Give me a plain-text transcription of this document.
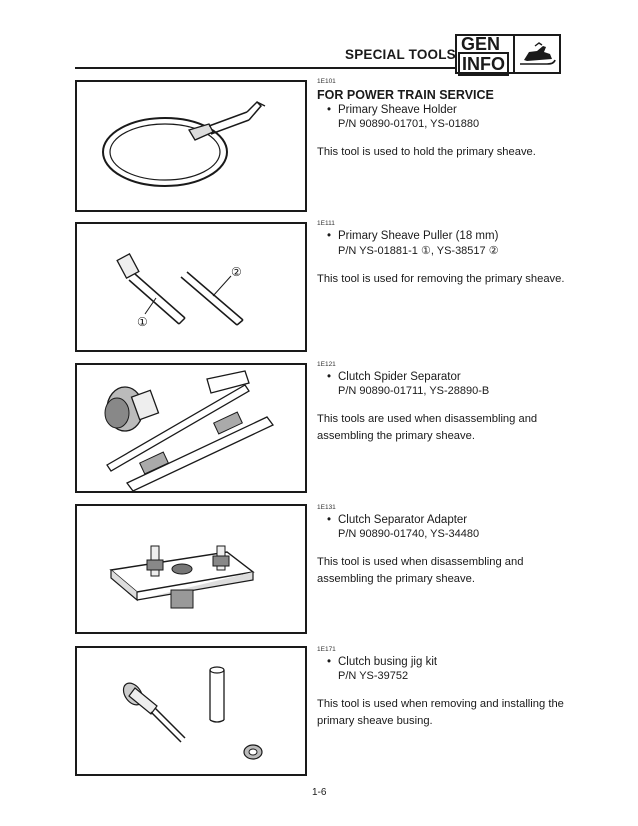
SPECIAL TOOLS
GEN
INFO
①
②
1E101
FOR POWER TRAIN SERVICE
• Primary Sheave Holder
P/N 90890-01701, YS-01880
This tool is used to hold the primary sheave.
1E111
• Primary Sheave Puller (18 mm)
P/N YS-01881-1 ①, YS-38517 ②
This tool is used for removing the primary sheave.
1E121
• Clutch Spider Separator
P/N 90890-01711, YS-28890-B
This tools are used when disassembling and assembling the primary sheave.
1E131
• Clutch Separator Adapter
P/N 90890-01740, YS-34480
This tool is used when disassembling and assembling the primary sheave.
1E171
• Clutch busing jig kit
P/N YS-39752
This tool is used when removing and installing the primary sheave busing.
1-6
